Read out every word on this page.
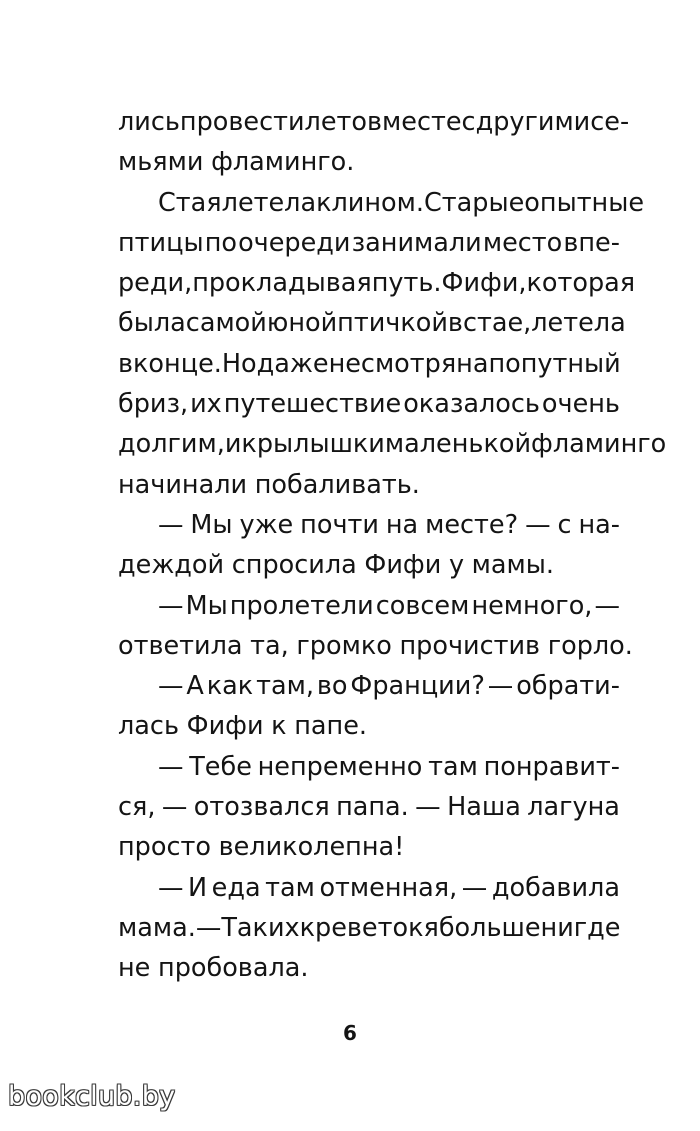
лись провести лето вместе с другими се-
мьями фламинго.
Стая летела клином. Старые опытные
птицы по очереди занимали место впе-
реди, прокладывая путь. Фифи, которая
была самой юной птичкой в стае, летела
в конце. Но даже несмотря на попутный
бриз, их путешествие оказалось очень
долгим, и крылышки маленькой фламинго
начинали побаливать.
— Мы уже почти на месте? — с на-
деждой спросила Фифи у мамы.
— Мы пролетели совсем немного, —
ответила та, громко прочистив горло.
— А как там, во Франции? — обрати-
лась Фифи к папе.
— Тебе непременно там понравит-
ся, — отозвался папа. — Наша лагуна
просто великолепна!
— И еда там отменная, — добавила
мама. — Таких креветок я больше нигде
не пробовала.
6
bookclub.by
